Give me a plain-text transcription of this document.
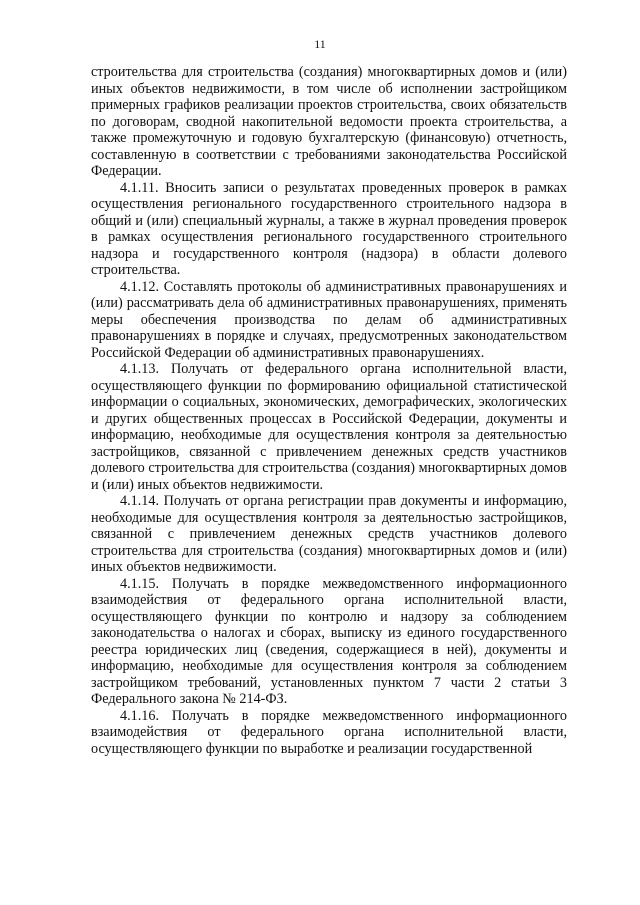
11

строительства для строительства (создания) многоквартирных домов и (или) иных объектов недвижимости, в том числе об исполнении застройщиком примерных графиков реализации проектов строительства, своих обязательств по договорам, сводной накопительной ведомости проекта строительства, а также промежуточную и годовую бухгалтерскую (финансовую) отчетность, составленную в соответствии с требованиями законодательства Российской Федерации.

4.1.11. Вносить записи о результатах проведенных проверок в рамках осуществления регионального государственного строительного надзора в общий и (или) специальный журналы, а также в журнал проведения проверок в рамках осуществления регионального государственного строительного надзора и государственного контроля (надзора) в области долевого строительства.

4.1.12. Составлять протоколы об административных правонарушениях и (или) рассматривать дела об административных правонарушениях, применять меры обеспечения производства по делам об административных правонарушениях в порядке и случаях, предусмотренных законодательством Российской Федерации об административных правонарушениях.

4.1.13. Получать от федерального органа исполнительной власти, осуществляющего функции по формированию официальной статистической информации о социальных, экономических, демографических, экологических и других общественных процессах в Российской Федерации, документы и информацию, необходимые для осуществления контроля за деятельностью застройщиков, связанной с привлечением денежных средств участников долевого строительства для строительства (создания) многоквартирных домов и (или) иных объектов недвижимости.

4.1.14. Получать от органа регистрации прав документы и информацию, необходимые для осуществления контроля за деятельностью застройщиков, связанной с привлечением денежных средств участников долевого строительства для строительства (создания) многоквартирных домов и (или) иных объектов недвижимости.

4.1.15. Получать в порядке межведомственного информационного взаимодействия от федерального органа исполнительной власти, осуществляющего функции по контролю и надзору за соблюдением законодательства о налогах и сборах, выписку из единого государственного реестра юридических лиц (сведения, содержащиеся в ней), документы и информацию, необходимые для осуществления контроля за соблюдением застройщиком требований, установленных пунктом 7 части 2 статьи 3 Федерального закона № 214-ФЗ.

4.1.16. Получать в порядке межведомственного информационного взаимодействия от федерального органа исполнительной власти, осуществляющего функции по выработке и реализации государственной
